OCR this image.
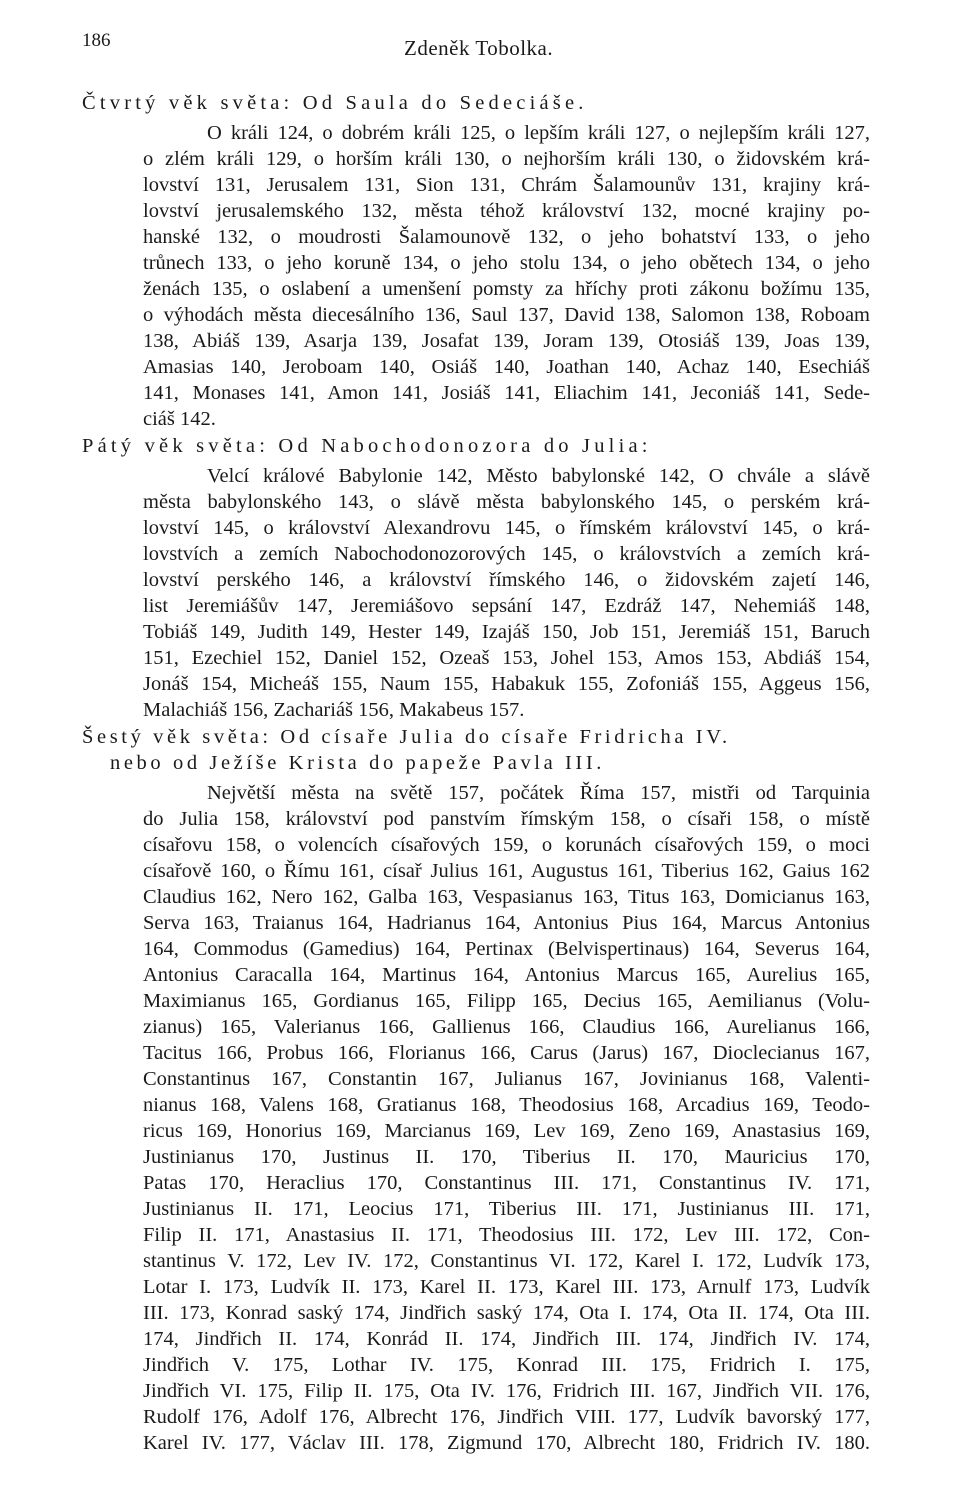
186	Zdeněk Tobolka.
Čtvrtý věk světa: Od Saula do Sedeciáše.
O králi 124, o dobrém králi 125, o lepším králi 127, o nejlepším králi 127,
o zlém králi 129, o horším králi 130, o nejhorším králi 130, o židovském krá-
lovství 131, Jerusalem 131, Sion 131, Chrám Šalamounův 131, krajiny krá-
lovství jerusalemského 132, města téhož království 132, mocné krajiny po-
hanské 132, o moudrosti Šalamounově 132, o jeho bohatství 133, o jeho
trůnech 133, o jeho koruně 134, o jeho stolu 134, o jeho obětech 134, o jeho
ženách 135, o oslabení a umenšení pomsty za hříchy proti zákonu božímu 135,
o výhodách města diecesálního 136, Saul 137, David 138, Salomon 138, Roboam
138, Abiáš 139, Asarja 139, Josafat 139, Joram 139, Otosiáš 139, Joas 139,
Amasias 140, Jeroboam 140, Osiáš 140, Joathan 140, Achaz 140, Esechiáš
141, Monases 141, Amon 141, Josiáš 141, Eliachim 141, Jeconiáš 141, Sede-
ciáš 142.
Pátý věk světa: Od Nabochodonozora do Julia:
Velcí králové Babylonie 142, Město babylonské 142, O chvále a slávě
města babylonského 143, o slávě města babylonského 145, o perském krá-
lovství 145, o království Alexandrovu 145, o římském království 145, o krá-
lovstvích a zemích Nabochodonozorových 145, o královstvích a zemích krá-
lovství perského 146, a království římského 146, o židovském zajetí 146,
list Jeremiášův 147, Jeremiášovo sepsání 147, Ezdráž 147, Nehemiáš 148,
Tobiáš 149, Judith 149, Hester 149, Izajáš 150, Job 151, Jeremiáš 151, Baruch
151, Ezechiel 152, Daniel 152, Ozeaš 153, Johel 153, Amos 153, Abdiáš 154,
Jonáš 154, Micheáš 155, Naum 155, Habakuk 155, Zofoniáš 155, Aggeus 156,
Malachiáš 156, Zachariáš 156, Makabeus 157.
Šestý věk světa: Od císaře Julia do císaře Fridricha IV.
nebo od Ježíše Krista do papeže Pavla III.
Největší města na světě 157, počátek Říma 157, mistři od Tarquinia
do Julia 158, království pod panstvím římským 158, o císaři 158, o místě
císařovu 158, o volencích císařových 159, o korunách císařových 159, o moci
císařově 160, o Římu 161, císař Julius 161, Augustus 161, Tiberius 162, Gaius 162
Claudius 162, Nero 162, Galba 163, Vespasianus 163, Titus 163, Domicianus 163,
Serva 163, Traianus 164, Hadrianus 164, Antonius Pius 164, Marcus Antonius
164, Commodus (Gamedius) 164, Pertinax (Belvispertinaus) 164, Severus 164,
Antonius Caracalla 164, Martinus 164, Antonius Marcus 165, Aurelius 165,
Maximianus 165, Gordianus 165, Filipp 165, Decius 165, Aemilianus (Volu-
zianus) 165, Valerianus 166, Gallienus 166, Claudius 166, Aurelianus 166,
Tacitus 166, Probus 166, Florianus 166, Carus (Jarus) 167, Dioclecianus 167,
Constantinus 167, Constantin 167, Julianus 167, Jovinianus 168, Valenti-
nianus 168, Valens 168, Gratianus 168, Theodosius 168, Arcadius 169, Teodo-
ricus 169, Honorius 169, Marcianus 169, Lev 169, Zeno 169, Anastasius 169,
Justinianus 170, Justinus II. 170, Tiberius II. 170, Mauricius 170,
Patas 170, Heraclius 170, Constantinus III. 171, Constantinus IV. 171,
Justinianus II. 171, Leocius 171, Tiberius III. 171, Justinianus III. 171,
Filip II. 171, Anastasius II. 171, Theodosius III. 172, Lev III. 172, Con-
stantinus V. 172, Lev IV. 172, Constantinus VI. 172, Karel I. 172, Ludvík 173,
Lotar I. 173, Ludvík II. 173, Karel II. 173, Karel III. 173, Arnulf 173, Ludvík
III. 173, Konrad saský 174, Jindřich saský 174, Ota I. 174, Ota II. 174, Ota III.
174, Jindřich II. 174, Konrád II. 174, Jindřich III. 174, Jindřich IV. 174,
Jindřich V. 175, Lothar IV. 175, Konrad III. 175, Fridrich I. 175,
Jindřich VI. 175, Filip II. 175, Ota IV. 176, Fridrich III. 167, Jindřich VII. 176,
Rudolf 176, Adolf 176, Albrecht 176, Jindřich VIII. 177, Ludvík bavorský 177,
Karel IV. 177, Václav III. 178, Zigmund 170, Albrecht 180, Fridrich IV. 180.
